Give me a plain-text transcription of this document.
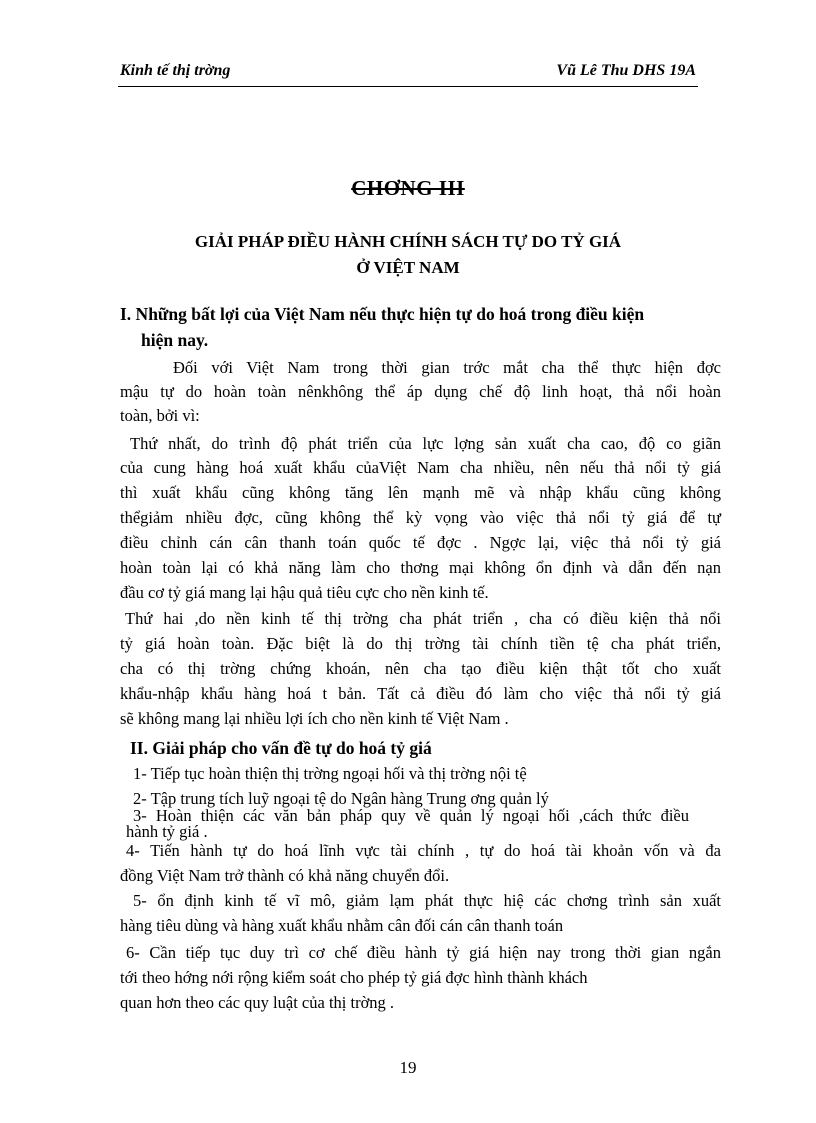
Kinh tế thị trờng	Vũ Lê Thu DHS 19A
CHƠNG III
GIẢI PHÁP ĐIỀU HÀNH CHÍNH SÁCH TỰ DO TỶ GIÁ
Ở VIỆT NAM
I. Những bất lợi của Việt Nam nếu thực hiện tự do hoá trong điều kiện
hiện nay.
Đối với Việt Nam trong thời gian trớc mắt cha thể thực hiện đợc
mậu tự do hoàn toàn nênkhông thể áp dụng chế độ linh hoạt, thả nổi hoàn
toàn, bởi vì:
Thứ nhất, do trình độ phát triển của lực lợng sản xuất cha cao, độ co giãn
của cung hàng hoá xuất khẩu củaViệt Nam cha nhiều, nên nếu thả nổi tỷ giá
thì xuất khẩu cũng không tăng lên mạnh mẽ và nhập khẩu cũng không
thểgiảm nhiều đợc, cũng không thể kỳ vọng vào việc thả nổi tỷ giá để tự
điều chỉnh cán cân thanh toán quốc tế đợc . Ngợc lại, việc thả nổi tỷ giá
hoàn toàn lại có khả năng làm cho thơng mại không ổn định và dẫn đến nạn
đầu cơ tỷ giá mang lại hậu quả tiêu cực cho nền kinh tế.
Thứ hai ,do nền kinh tế thị trờng cha phát triển , cha có điều kiện thả nổi
tỷ giá hoàn toàn. Đặc biệt là do thị trờng tài chính tiền tệ cha phát triển,
cha có thị trờng chứng khoán, nên cha tạo điều kiện thật tốt cho xuất
khẩu-nhập khẩu hàng hoá t bản. Tất cả điều đó làm cho việc thả nổi tỷ giá
sẽ không mang lại nhiều lợi ích cho nền kinh tế Việt Nam .
II. Giải pháp cho vấn đề tự do hoá tỷ giá
1- Tiếp tục hoàn thiện thị trờng ngoại hối và thị trờng nội tệ
2- Tập trung tích luỹ ngoại tệ do Ngân hàng Trung ơng quản lý
3- Hoàn thiện các văn bản pháp quy về quản lý ngoại hối ,cách thức điều
hành tỷ giá .
4- Tiến hành tự do hoá lĩnh vực tài chính , tự do hoá tài khoản vốn và đa
đồng Việt Nam trở thành có khả năng chuyển đổi.
5- ổn định kinh tế vĩ mô, giảm lạm phát thực hiệ các chơng trình sản xuất
hàng tiêu dùng và hàng xuất khẩu nhằm cân đối cán cân thanh toán
6- Cần tiếp tục duy trì cơ chế điều hành tỷ giá hiện nay trong thời gian ngắn
tới theo hớng nới rộng kiểm soát cho phép tỷ giá đợc hình thành khách
quan hơn theo các quy luật của thị trờng .
19
